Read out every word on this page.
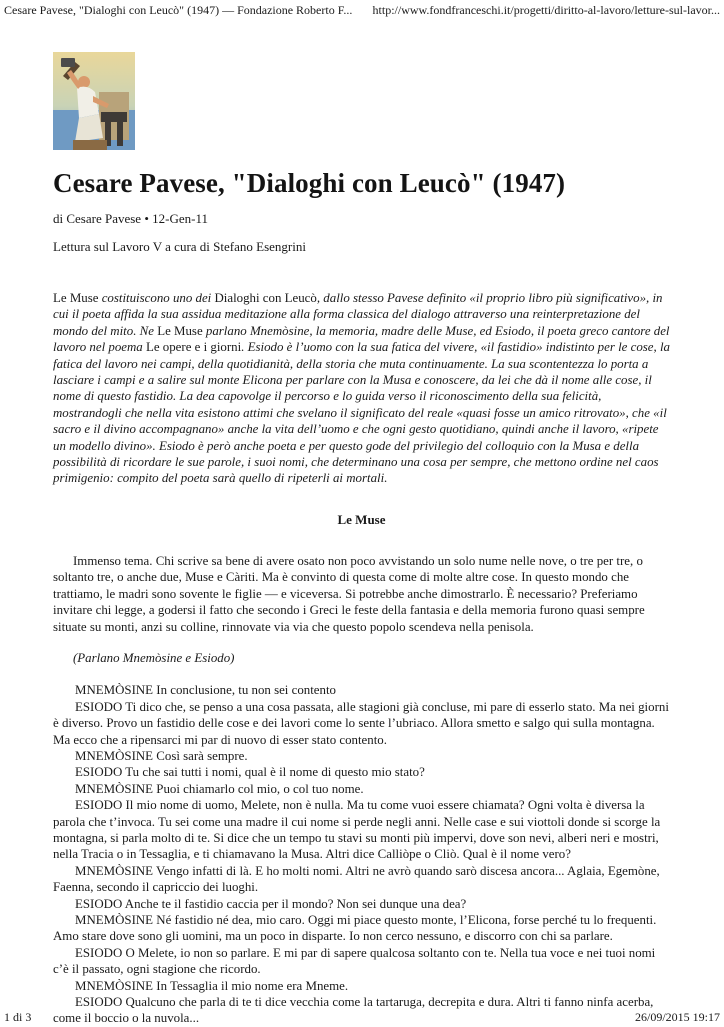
Cesare Pavese, "Dialoghi con Leucò" (1947) — Fondazione Roberto F... http://www.fondfranceschi.it/progetti/diritto-al-lavoro/letture-sul-lavor...
Cesare Pavese, "Dialoghi con Leucò" (1947)
di Cesare Pavese • 12-Gen-11
Lettura sul Lavoro V a cura di Stefano Esengrini
Le Muse costituiscono uno dei Dialoghi con Leucò, dallo stesso Pavese definito «il proprio libro più significativo», in cui il poeta affida la sua assidua meditazione alla forma classica del dialogo attraverso una reinterpretazione del mondo del mito. Ne Le Muse parlano Mnemòsine, la memoria, madre delle Muse, ed Esiodo, il poeta greco cantore del lavoro nel poema Le opere e i giorni. Esiodo è l’uomo con la sua fatica del vivere, «il fastidio» indistinto per le cose, la fatica del lavoro nei campi, della quotidianità, della storia che muta continuamente. La sua scontentezza lo porta a lasciare i campi e a salire sul monte Elicona per parlare con la Musa e conoscere, da lei che dà il nome alle cose, il nome di questo fastidio. La dea capovolge il percorso e lo guida verso il riconoscimento della sua felicità, mostrandogli che nella vita esistono attimi che svelano il significato del reale «quasi fosse un amico ritrovato», che «il sacro e il divino accompagnano» anche la vita dell’uomo e che ogni gesto quotidiano, quindi anche il lavoro, «ripete un modello divino». Esiodo è però anche poeta e per questo gode del privilegio del colloquio con la Musa e della possibilità di ricordare le sue parole, i suoi nomi, che determinano una cosa per sempre, che mettono ordine nel caos primigenio: compito del poeta sarà quello di ripeterli ai mortali.
Le Muse
Immenso tema. Chi scrive sa bene di avere osato non poco avvistando un solo nume nelle nove, o tre per tre, o soltanto tre, o anche due, Muse e Càriti. Ma è convinto di questa come di molte altre cose. In questo mondo che trattiamo, le madri sono sovente le figlie — e viceversa. Si potrebbe anche dimostrarlo. È necessario? Preferiamo invitare chi legge, a godersi il fatto che secondo i Greci le feste della fantasia e della memoria furono quasi sempre situate su monti, anzi su colline, rinnovate via via che questo popolo scendeva nella penisola.
(Parlano Mnemòsine e Esiodo)
MNEMÒSINE In conclusione, tu non sei contento
ESIODO Ti dico che, se penso a una cosa passata, alle stagioni già concluse, mi pare di esserlo stato. Ma nei giorni è diverso. Provo un fastidio delle cose e dei lavori come lo sente l’ubriaco. Allora smetto e salgo qui sulla montagna. Ma ecco che a ripensarci mi par di nuovo di esser stato contento.
MNEMÒSINE Così sarà sempre.
ESIODO Tu che sai tutti i nomi, qual è il nome di questo mio stato?
MNEMÒSINE Puoi chiamarlo col mio, o col tuo nome.
ESIODO Il mio nome di uomo, Melete, non è nulla. Ma tu come vuoi essere chiamata? Ogni volta è diversa la parola che t’invoca. Tu sei come una madre il cui nome si perde negli anni. Nelle case e sui viottoli donde si scorge la montagna, si parla molto di te. Si dice che un tempo tu stavi su monti più impervi, dove son nevi, alberi neri e mostri, nella Tracia o in Tessaglia, e ti chiamavano la Musa. Altri dice Calliòpe o Cliò. Qual è il nome vero?
MNEMÒSINE Vengo infatti di là. E ho molti nomi. Altri ne avrò quando sarò discesa ancora... Aglaia, Egemòne, Faenna, secondo il capriccio dei luoghi.
ESIODO Anche te il fastidio caccia per il mondo? Non sei dunque una dea?
MNEMÒSINE Né fastidio né dea, mio caro. Oggi mi piace questo monte, l’Elicona, forse perché tu lo frequenti. Amo stare dove sono gli uomini, ma un poco in disparte. Io non cerco nessuno, e discorro con chi sa parlare.
ESIODO O Melete, io non so parlare. E mi par di sapere qualcosa soltanto con te. Nella tua voce e nei tuoi nomi c’è il passato, ogni stagione che ricordo.
MNEMÒSINE In Tessaglia il mio nome era Mneme.
ESIODO Qualcuno che parla di te ti dice vecchia come la tartaruga, decrepita e dura. Altri ti fanno ninfa acerba, come il boccio o la nuvola...
1 di 3	26/09/2015 19:17
